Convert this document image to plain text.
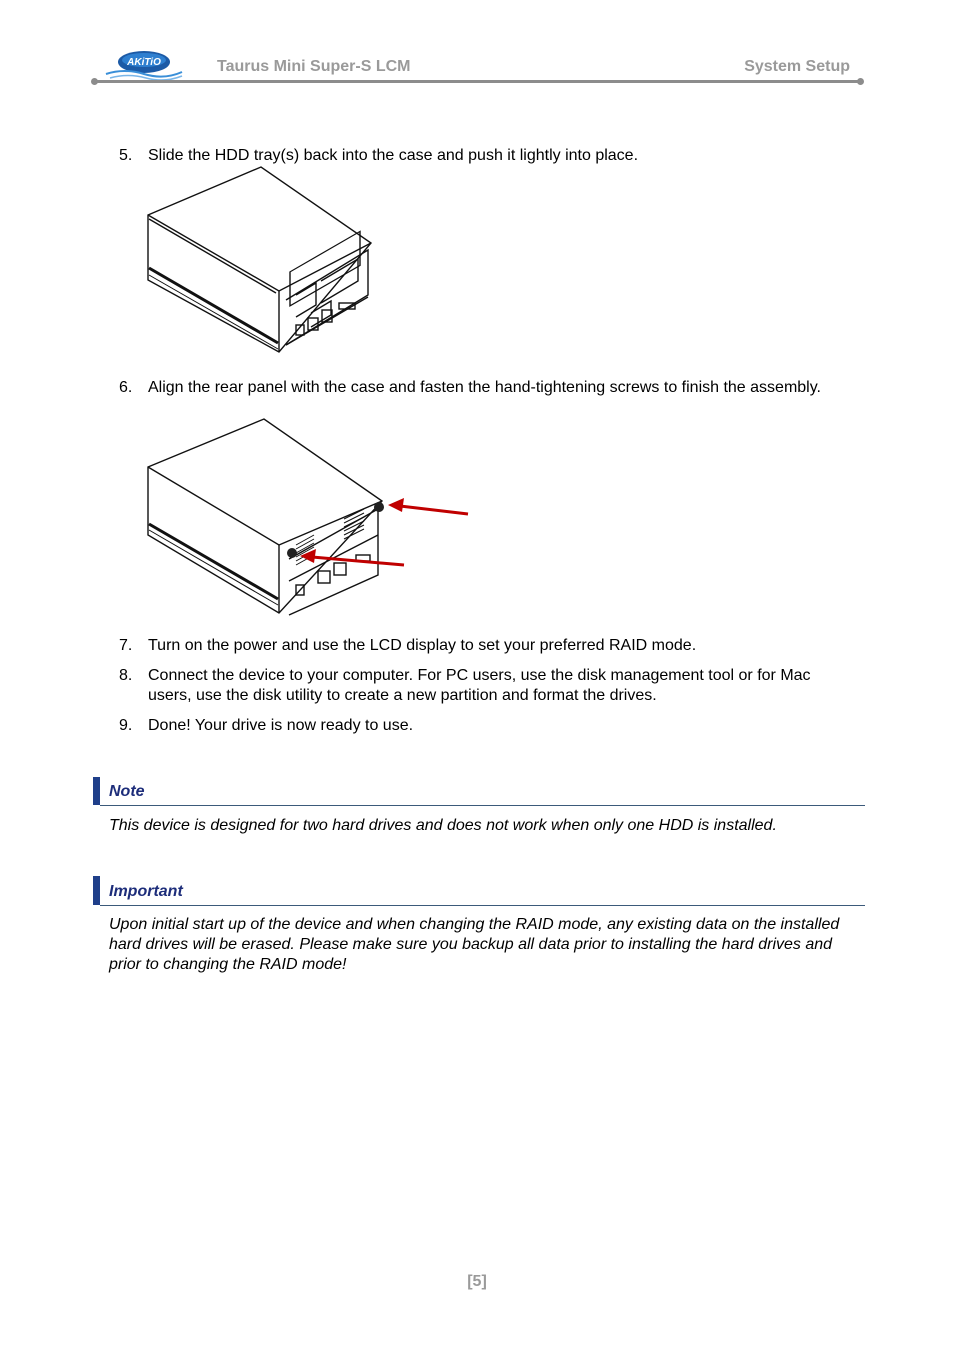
AKiTiO	Taurus Mini Super-S LCM	System Setup
5. Slide the HDD tray(s) back into the case and push it lightly into place.
6. Align the rear panel with the case and fasten the hand-tightening screws to finish the assembly.
7. Turn on the power and use the LCD display to set your preferred RAID mode.
8. Connect the device to your computer. For PC users, use the disk management tool or for Mac users, use the disk utility to create a new partition and format the drives.
9. Done! Your drive is now ready to use.
Note
This device is designed for two hard drives and does not work when only one HDD is installed.
Important
Upon initial start up of the device and when changing the RAID mode, any existing data on the installed hard drives will be erased. Please make sure you backup all data prior to installing the hard drives and prior to changing the RAID mode!
[5]
